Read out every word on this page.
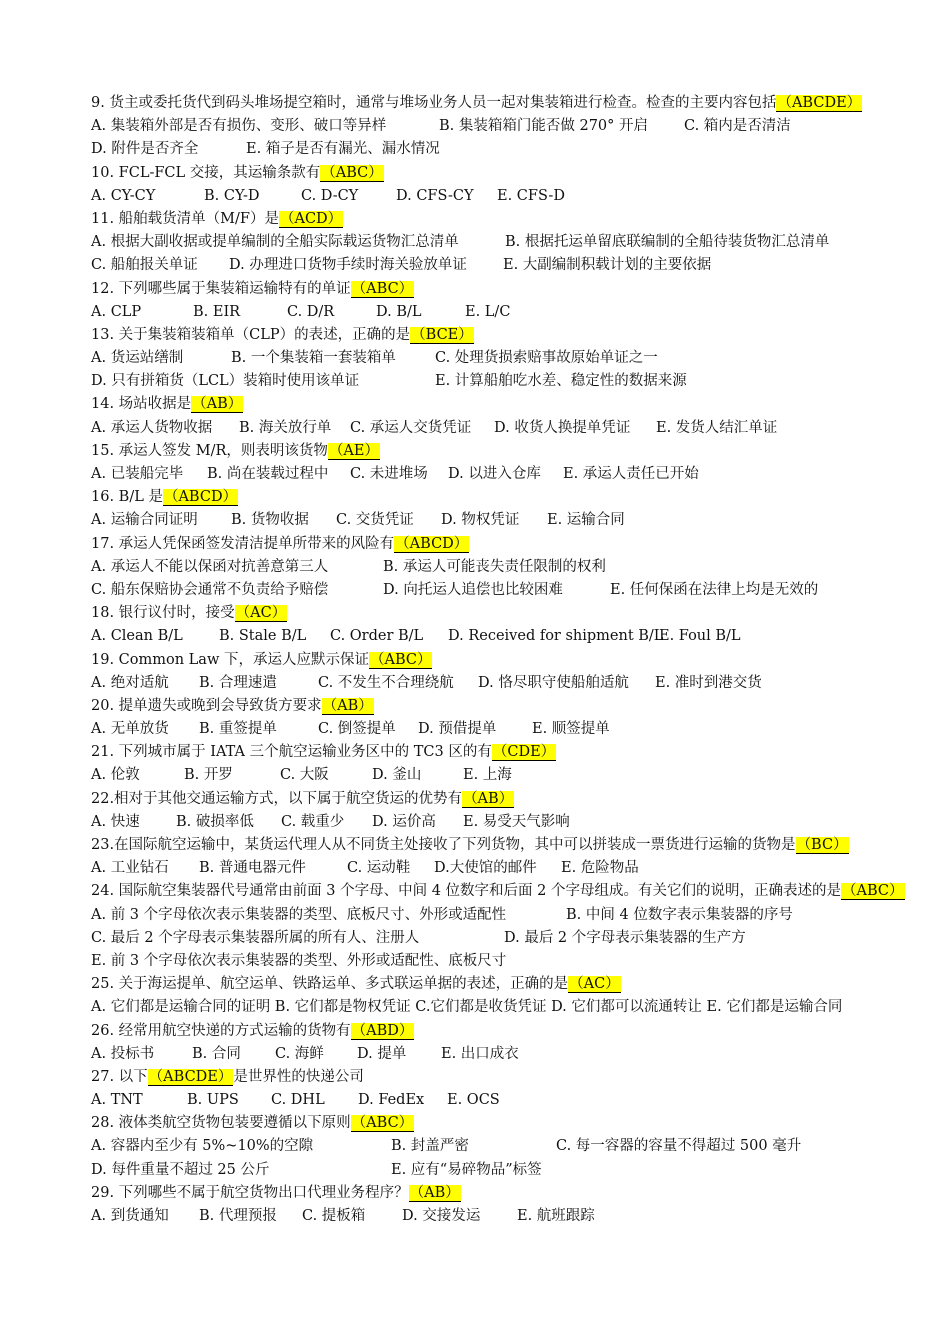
9. 货主或委托货代到码头堆场提空箱时，通常与堆场业务人员一起对集装箱进行检查。检查的主要内容包括（ABCDE）
A. 集装箱外部是否有损伤、变形、破口等异样	B. 集装箱箱门能否做 270° 开启 C. 箱内是否清洁
D. 附件是否齐全	E. 箱子是否有漏光、漏水情况
10. FCL-FCL 交接，其运输条款有（ABC）
A. CY-CY	B. CY-D	C. D-CY	D. CFS-CY E. CFS-D
11. 船舶载货清单（M/F）是（ACD）
A. 根据大副收据或提单编制的全船实际载运货物汇总清单	B. 根据托运单留底联编制的全船待装货物汇总清单
C. 船舶报关单证 D. 办理进口货物手续时海关验放单证 E. 大副编制积载计划的主要依据
12. 下列哪些属于集装箱运输特有的单证（ABC）
A. CLP	B. EIR	C. D/R	D. B/L	E. L/C
13. 关于集装箱装箱单（CLP）的表述，正确的是（BCE）
A. 货运站缮制	B. 一个集装箱一套装箱单	C. 处理货损索赔事故原始单证之一
D. 只有拼箱货（LCL）装箱时使用该单证	E. 计算船舶吃水差、稳定性的数据来源
14. 场站收据是（AB）
A. 承运人货物收据 B. 海关放行单 C. 承运人交货凭证 D. 收货人换提单凭证 E. 发货人结汇单证
15. 承运人签发 M/R，则表明该货物（AE）
A. 已装船完毕 B. 尚在装载过程中 C. 未进堆场 D. 以进入仓库 E. 承运人责任已开始
16. B/L 是（ABCD）
A. 运输合同证明 B. 货物收据 C. 交货凭证 D. 物权凭证 E. 运输合同
17. 承运人凭保函签发清洁提单所带来的风险有（ABCD）
A. 承运人不能以保函对抗善意第三人	B. 承运人可能丧失责任限制的权利
C. 船东保赔协会通常不负责给予赔偿	D. 向托运人追偿也比较困难	E. 任何保函在法律上均是无效的
18. 银行议付时，接受（AC）
A. Clean B/L B. Stale B/L C. Order B/L D. Received for shipment B/L
E. Foul B/L
19. Common Law 下，承运人应默示保证（ABC）
A. 绝对适航 B. 合理速遣	C. 不发生不合理绕航 D. 恪尽职守使船舶适航 E. 准时到港交货
20. 提单遗失或晚到会导致货方要求（AB）
A. 无单放货 B. 重签提单	C. 倒签提单 D. 预借提单 E. 顺签提单
21. 下列城市属于 IATA 三个航空运输业务区中的 TC3 区的有（CDE）
A. 伦敦	B. 开罗	C. 大阪	D. 釜山	E. 上海
22.相对于其他交通运输方式，以下属于航空货运的优势有（AB）
A. 快速	B. 破损率低 C. 载重少 D. 运价高 E. 易受天气影响
23.在国际航空运输中，某货运代理人从不同货主处接收了下列货物，其中可以拼装成一票货进行运输的货物是（BC）
A. 工业钻石 B. 普通电器元件	C. 运动鞋 D.大使馆的邮件 E. 危险物品
24. 国际航空集装器代号通常由前面 3 个字母、中间 4 位数字和后面 2 个字母组成。有关它们的说明，正确表述的是（ABC）
A. 前 3 个字母依次表示集装器的类型、底板尺寸、外形或适配性	B. 中间 4 位数字表示集装器的序号
C. 最后 2 个字母表示集装器所属的所有人、注册人	D. 最后 2 个字母表示集装器的生产方
E. 前 3 个字母依次表示集装器的类型、外形或适配性、底板尺寸
25. 关于海运提单、航空运单、铁路运单、多式联运单据的表述，正确的是（AC）
A. 它们都是运输合同的证明 B. 它们都是物权凭证 C.它们都是收货凭证 D. 它们都可以流通转让 E. 它们都是运输合同
26. 经常用航空快递的方式运输的货物有（ABD）
A. 投标书	B. 合同 C. 海鲜 D. 提单 E. 出口成衣
27. 以下（ABCDE）是世界性的快递公司
A. TNT	B. UPS C. DHL D. FedEx E. OCS
28. 液体类航空货物包装要遵循以下原则（ABC）
A. 容器内至少有 5%~10%的空隙	B. 封盖严密	C. 每一容器的容量不得超过 500 毫升
D. 每件重量不超过 25 公斤	E. 应有“易碎物品”标签
29. 下列哪些不属于航空货物出口代理业务程序？（AB）
A. 到货通知 B. 代理预报 C. 提板箱	D. 交接发运	E. 航班跟踪
